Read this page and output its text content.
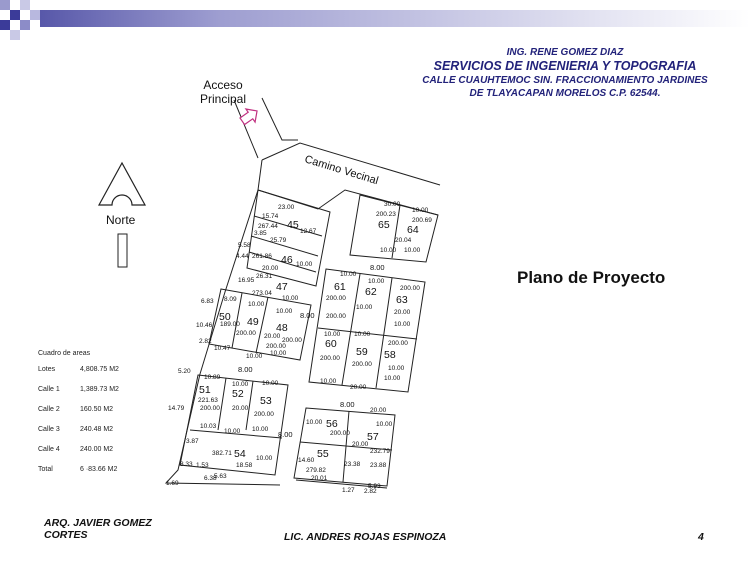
ING. RENE GOMEZ DIAZ
SERVICIOS DE INGENIERIA Y TOPOGRAFIA
CALLE CUAUHTEMOC SIN. FRACCIONAMIENTO JARDINES
DE TLAYACAPAN MORELOS C.P. 62544.
Plano de Proyecto
Acceso
Principal
Norte
Camino Vecinal
45
46
47
48
49
50
51 52
53
54	55
56
57
58
59
60
61 62
63
64
65
8.00
8.00
8.00
8.00
8.00
23.00
15.74
267.44
12.67
3.85
25.79
5.58
4.44 261.86
10.00
20.00
26.31
16.95
273.04
10.00
6.83 8.09
10.00
10.00
10.46 189.00
200.00 20.00
200.00
200.00
2.82
10.47
10.00 10.00
5.20
10.89
10.00 10.00
221.63
200.00 20.00
14.79
200.00
10.03
10.00 10.00
3.87
382.71
10.00
18.58
8.33 1.53
6.38
5.63
1.69
30.00
200.23
200.69
10.00
20.04
10.00 10.00
10.00
10.00
200.00
200.00
10.00
200.00
20.00
10.00
10.00 10.00
200.00
200.00
200.00
10.00
10.00
20.00
10.00
20.00
10.00
200.00
10.00
20.00
232.79
14.60
279.82
23.38 23.88
20.01
5.93
1.27 2.82
Cuadro de areas
Lotes	4,808.75 M2
Calle 1	1,389.73 M2
Calle 2	160.50 M2
Calle 3	240.48 M2
Calle 4	240.00 M2
Total	6 ·83.66 M2
ARQ. JAVIER GOMEZ
CORTES	LIC. ANDRES ROJAS ESPINOZA	4
